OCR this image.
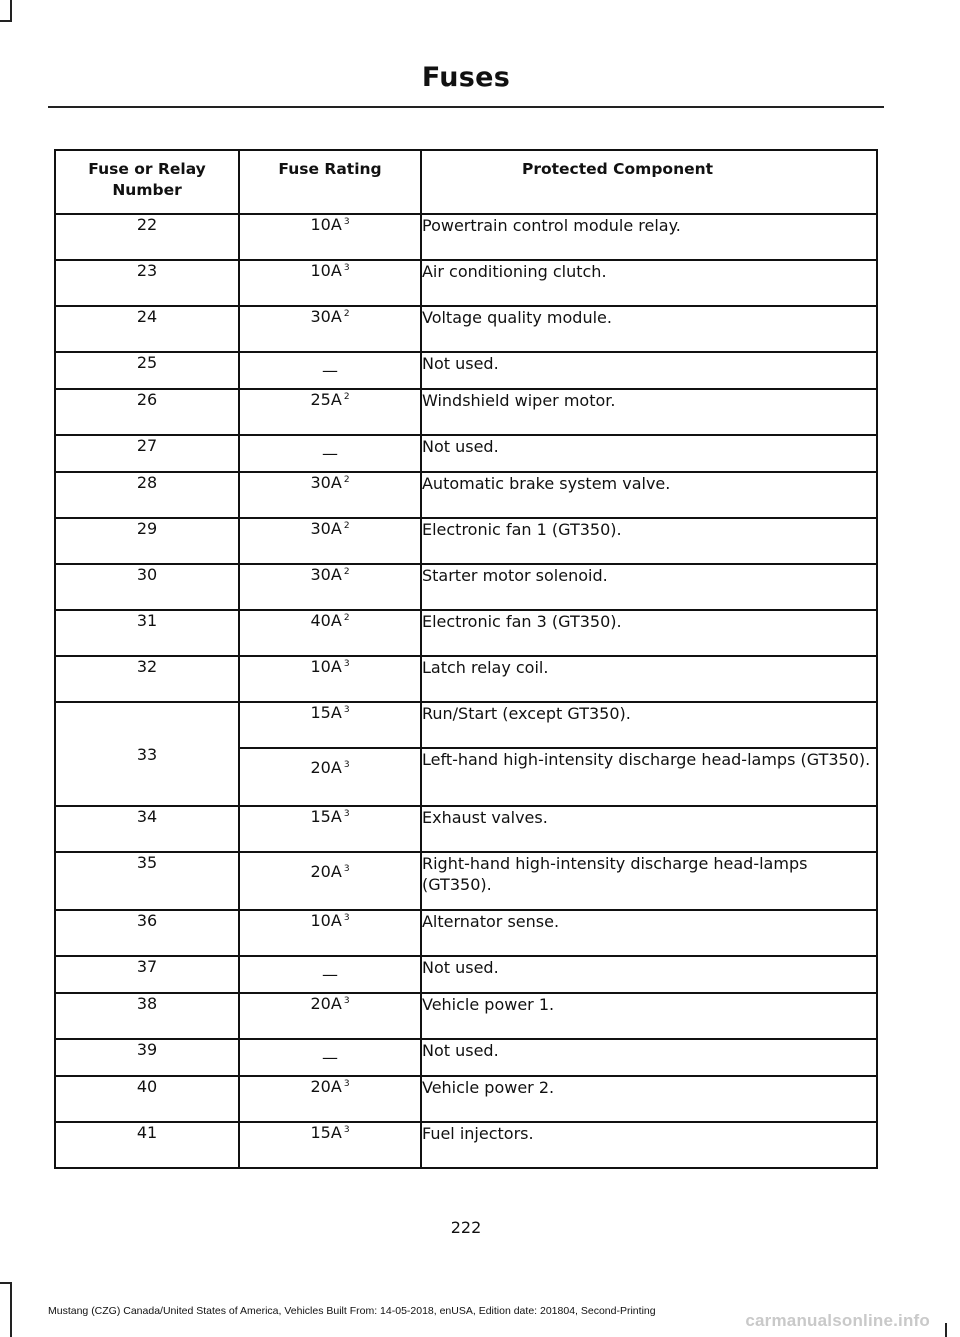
Fuses
Fuse or Relay Number	Fuse Rating	Protected Component
22	10A $^3$	Powertrain control module relay.
23	10A $^3$	Air conditioning clutch.
24	30A $^2$	Voltage quality module.
25	—	Not used.
26	25A $^2$	Windshield wiper motor.
27	—	Not used.
28	30A $^2$	Automatic brake system valve.
29	30A $^2$	Electronic fan 1 (GT350).
30	30A $^2$	Starter motor solenoid.
31	40A $^2$	Electronic fan 3 (GT350).
32	10A $^3$	Latch relay coil.
33	15A $^3$	Run/Start (except GT350).
	20A $^3$	Left-hand high-intensity discharge head-lamps (GT350).
34	15A $^3$	Exhaust valves.
35	20A $^3$	Right-hand high-intensity discharge head-lamps (GT350).
36	10A $^3$	Alternator sense.
37	—	Not used.
38	20A $^3$	Vehicle power 1.
39	—	Not used.
40	20A $^3$	Vehicle power 2.
41	15A $^3$	Fuel injectors.
222
Mustang (CZG) Canada/United States of America, Vehicles Built From: 14-05-2018, enUSA, Edition date: 201804, Second-Printing	carmanualsonline.info
